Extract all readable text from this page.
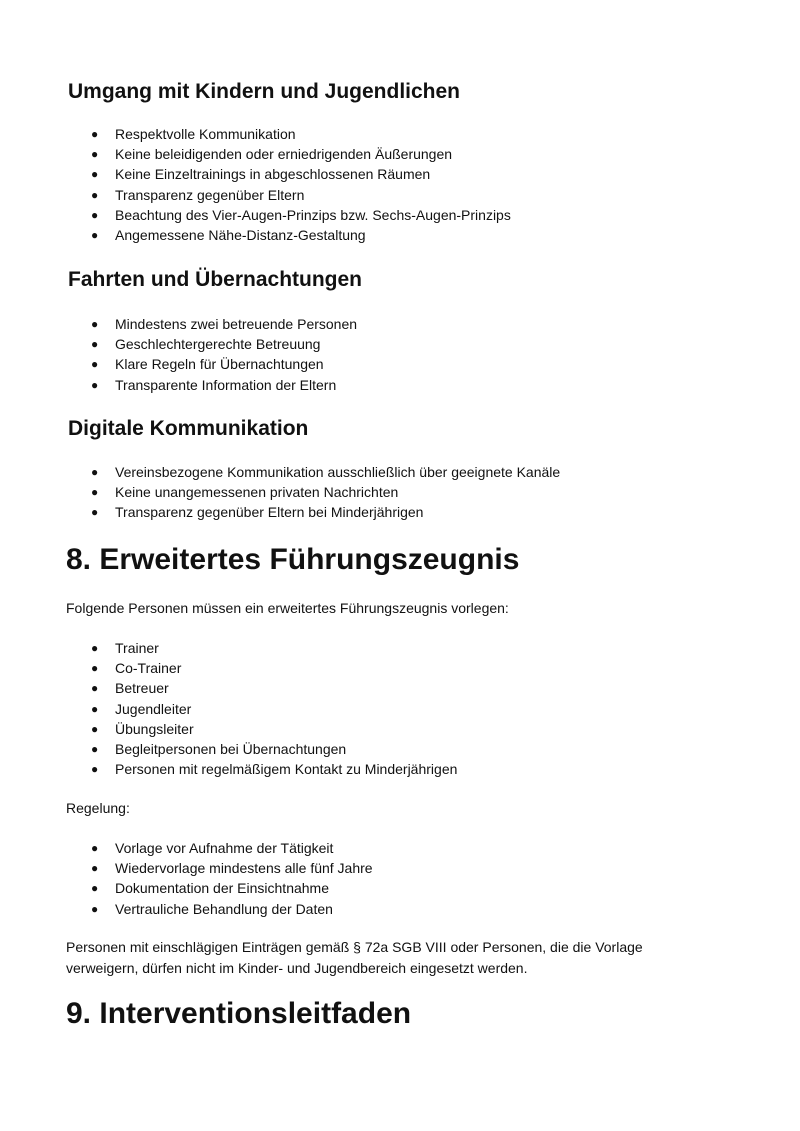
Umgang mit Kindern und Jugendlichen
● Respektvolle Kommunikation
● Keine beleidigenden oder erniedrigenden Äußerungen
● Keine Einzeltrainings in abgeschlossenen Räumen
● Transparenz gegenüber Eltern
● Beachtung des Vier-Augen-Prinzips bzw. Sechs-Augen-Prinzips
● Angemessene Nähe-Distanz-Gestaltung
Fahrten und Übernachtungen
● Mindestens zwei betreuende Personen
● Geschlechtergerechte Betreuung
● Klare Regeln für Übernachtungen
● Transparente Information der Eltern
Digitale Kommunikation
● Vereinsbezogene Kommunikation ausschließlich über geeignete Kanäle
● Keine unangemessenen privaten Nachrichten
● Transparenz gegenüber Eltern bei Minderjährigen
8. Erweitertes Führungszeugnis

Folgende Personen müssen ein erweitertes Führungszeugnis vorlegen:

● Trainer
● Co-Trainer
● Betreuer
● Jugendleiter
● Übungsleiter
● Begleitpersonen bei Übernachtungen
● Personen mit regelmäßigem Kontakt zu Minderjährigen

Regelung:

● Vorlage vor Aufnahme der Tätigkeit
● Wiedervorlage mindestens alle fünf Jahre
● Dokumentation der Einsichtnahme
● Vertrauliche Behandlung der Daten

Personen mit einschlägigen Einträgen gemäß § 72a SGB VIII oder Personen, die die Vorlage

verweigern, dürfen nicht im Kinder- und Jugendbereich eingesetzt werden.

9. Interventionsleitfaden
